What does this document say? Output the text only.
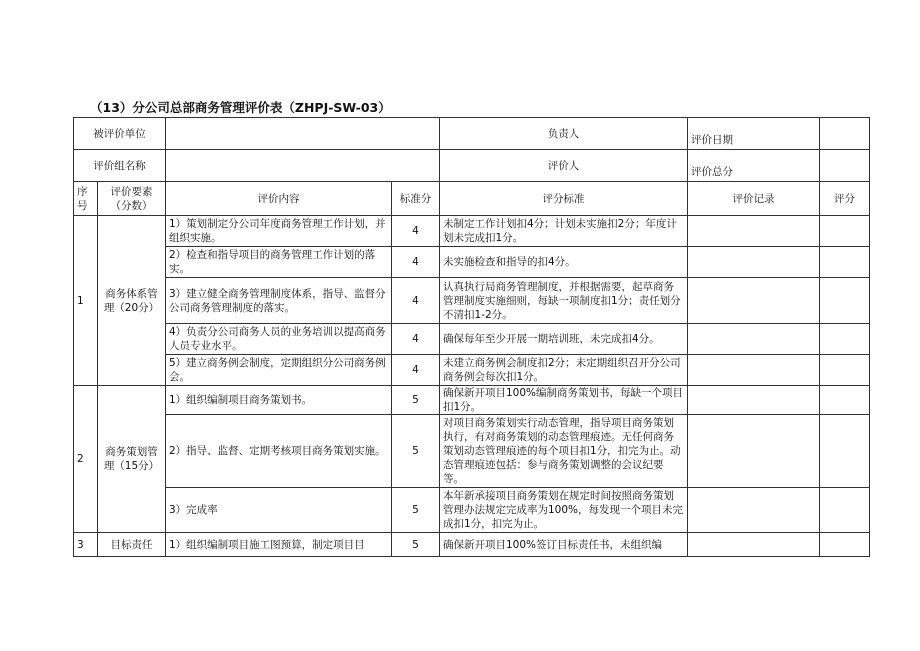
（13）分公司总部商务管理评价表（ZHPJ-SW-03）
被评价单位				负责人	评价日期	
评价组名称				评价人	评价总分	
序号	评价要素（分数）	评价内容	标准分	评分标准	评价记录	评分
1	商务体系管理（20分）	1）策划制定分公司年度商务管理工作计划，并组织实施。	4	未制定工作计划扣4分；计划未实施扣2分；年度计划未完成扣1分。		
		2）检查和指导项目的商务管理工作计划的落实。	4	未实施检查和指导的扣4分。		
		3）建立健全商务管理制度体系，指导、监督分公司商务管理制度的落实。	4	认真执行局商务管理制度，并根据需要，起草商务管理制度实施细则，每缺一项制度扣1分；责任划分不清扣1-2分。		
		4）负责分公司商务人员的业务培训以提高商务人员专业水平。	4	确保每年至少开展一期培训班，未完成扣4分。		
		5）建立商务例会制度，定期组织分公司商务例会。	4	未建立商务例会制度扣2分；未定期组织召开分公司商务例会每次扣1分。		
2	商务策划管理（15分）	1）组织编制项目商务策划书。	5	确保新开项目100%编制商务策划书，每缺一个项目扣1分。		
		2）指导、监督、定期考核项目商务策划实施。	5	对项目商务策划实行动态管理，指导项目商务策划执行，有对商务策划的动态管理痕迹。无任何商务策划动态管理痕迹的每个项目扣1分，扣完为止。动态管理痕迹包括：参与商务策划调整的会议纪要等。		
		3）完成率	5	本年新承接项目商务策划在规定时间按照商务策划管理办法规定完成率为100%，每发现一个项目未完成扣1分，扣完为止。		
3	目标责任	1）组织编制项目施工图预算，制定项目目	5	确保新开项目100%签订目标责任书，未组织编		
